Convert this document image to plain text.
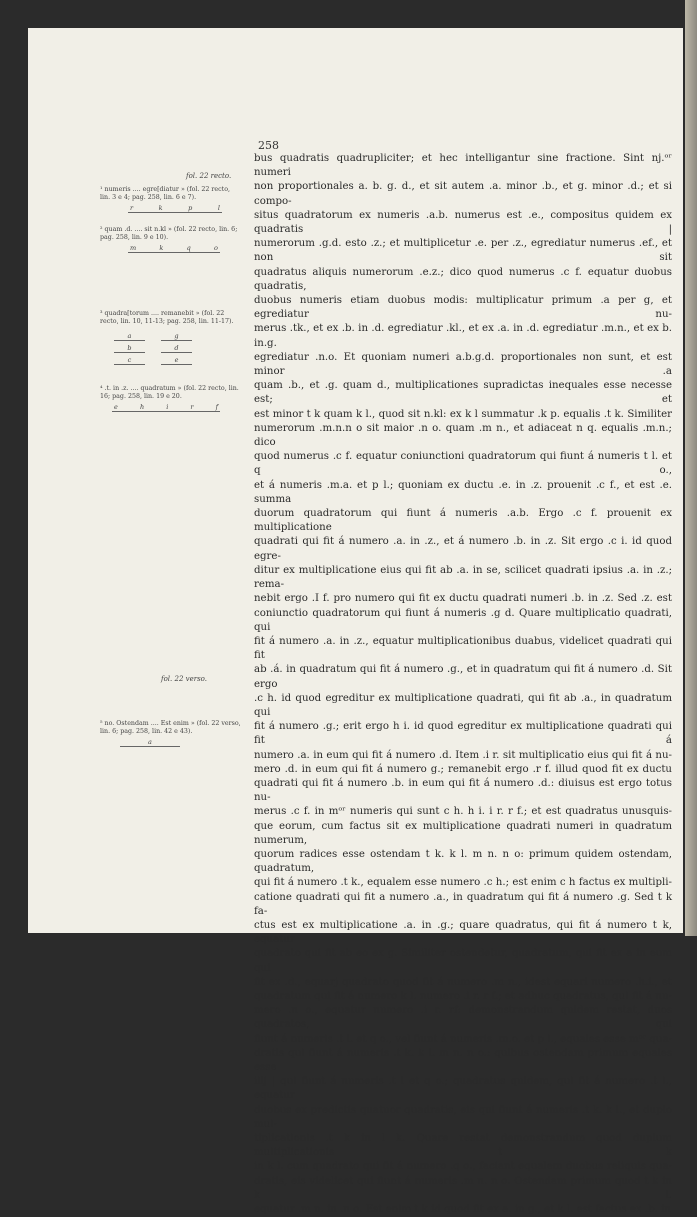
258
fol. 22 recto.
¹ numeris .... egre[diatur » (fol. 22 recto, lin. 3 e 4; pag. 258, lin. 6 e 7).
r	k	p	l
² quam .d. .... sit n.kl » (fol. 22 recto, lin. 6; pag. 258, lin. 9 e 10).
m	k	q	o
³ quadra[torum .... remanebit » (fol. 22 recto, lin. 10, 11-13; pag. 258, lin. 11-17).
a	g
b	d
c	e
⁴ .t. in .z. .... quadratum » (fol. 22 recto, lin. 16; pag. 258, lin. 19 e 20.
e	h	i	r	f
fol. 22 verso.
⁵ no. Ostendam .... Est enim » (fol. 22 verso, lin. 6; pag. 258, lin. 42 e 43).
a

bus quadratis quadrupliciter; et hec intelligantur sine fractione. Sint nj.ᵒʳ numeri

non proportionales a. b. g. d., et sit autem .a. minor .b., et g. minor .d.; et si compo-

situs quadratorum ex numeris .a.b. numerus est .e., compositus quidem ex quadratis |

numerorum .g.d. esto .z.; et multiplicetur .e. per .z., egrediatur numerus .ef., et non sit

quadratus aliquis numerorum .e.z.; dico quod numerus .c f. equatur duobus quadratis,

duobus numeris etiam duobus modis: multiplicatur primum .a per g, et egrediatur nu-

merus .tk., et ex .b. in .d. egrediatur .kl., et ex .a. in .d. egrediatur .m.n., et ex b. in.g.

egrediatur .n.o. Et quoniam numeri a.b.g.d. proportionales non sunt, et est minor .a

quam .b., et .g. quam d., multiplicationes supradictas inequales esse necesse est; et

est minor t k quam k l., quod sit n.kl: ex k l summatur .k p. equalis .t k. Similiter

numerorum .m.n.n o sit maior .n o. quam .m n., et adiaceat n q. equalis .m.n.; dico

quod numerus .c f. equatur coniunctioni quadratorum qui fiunt á numeris t l. et q o.,

et á numeris .m.a. et p l.; quoniam ex ductu .e. in .z. prouenit .c f., et est .e. summa

duorum quadratorum qui fiunt á numeris .a.b. Ergo .c f. prouenit ex multiplicatione

quadrati qui fit á numero .a. in .z., et á numero .b. in .z. Sit ergo .c i. id quod egre-

ditur ex multiplicatione eius qui fit ab .a. in se, scilicet quadrati ipsius .a. in .z.; rema-

nebit ergo .I f. pro numero qui fit ex ductu quadrati numeri .b. in .z. Sed .z. est

coniunctio quadratorum qui fiunt á numeris .g d. Quare multiplicatio quadrati, qui

fit á numero .a. in .z., equatur multiplicationibus duabus, videlicet quadrati qui fit

ab .á. in quadratum qui fit á numero .g., et in quadratum qui fit á numero .d. Sit ergo

.c h. id quod egreditur ex multiplicatione quadrati, qui fit ab .a., in quadratum qui

fit á numero .g.; erit ergo h i. id quod egreditur ex multiplicatione quadrati qui fit á

numero .a. in eum qui fit á numero .d. Item .i r. sit multiplicatio eius qui fit á nu-

mero .d. in eum qui fit á numero g.; remanebit ergo .r f. illud quod fit ex ductu

quadrati qui fit á numero .b. in eum qui fit á numero .d.: diuisus est ergo totus nu-

merus .c f. in mᵒʳ numeris qui sunt c h. h i. i r. r f.; et est quadratus unusquis-

que eorum, cum factus sit ex multiplicatione quadrati numeri in quadratum numerum,

quorum radices esse ostendam t k. k l. m n. n o: primum quidem ostendam, quadratum,

qui fit á numero .t k., equalem esse numero .c h.; est enim c h factus ex multipli-

catione quadrati qui fit a numero .a., in quadratum qui fit á numero .g. Sed t k fa-

ctus est ex multiplicatione .a. in .g.; quare quadratus, qui fit á numero t k, equatur

quadrato qui fit ab eo ex g. Similiter ostendetur, quadratum, qui fit ex a in eum qui

fit ex .d., equarj quadrato quod fit á numero .m n., idest equari numero .h.i., et

quadratum qui fit á numero k l. numero .i r. r f.; et adhuc quadratus, qui fit á nu-

mero .n o., equatur numero .i r. rf: demonstrandum quidem restat, duos quadratos, qui

fiunt á numeris .t l. et q o., vel fiunt á numeris .m.o. et p l., equales esse mᵒʳ qua-

dratis qui fiunt á numeris .t k. k l. m n. n o.: quibus ostendam primum equales esse

illj | qui fiunt á numeris .t l et q o.; quadratus quidem, qui fit á numero .t l., equatur

duobus ex predictis quatuor quadratis, eis qui fiunt á numeris .t k. k l., et duplo mul-

tiplicationis .t k in l k. Quare restat demonstrandum quod duplum multiplicationis t k

in k l. cum quadrato qui fit á numero .q o., faciant equalem duobus reliquis qua-

dratis, eis videlicet qui fiunt á numeris .m n. n o. Ostendam primum quod t k in k l.

equatur .m n. in .n o. Est enim t k id quod fit ex a. in g., et k l. est factus ex .b. in
